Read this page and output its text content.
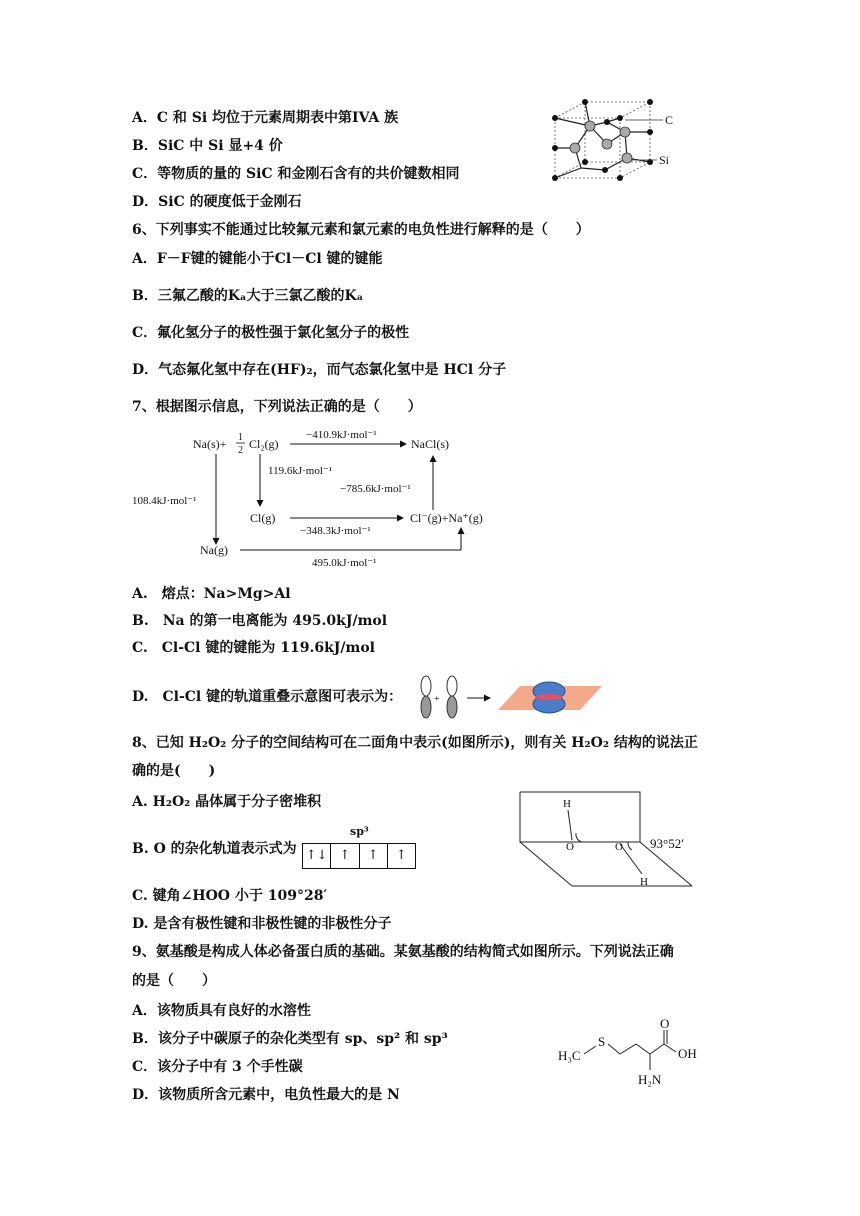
A．C 和 Si 均位于元素周期表中第IVA 族
B．SiC 中 Si 显+4 价
C．等物质的量的 SiC 和金刚石含有的共价键数相同
D．SiC 的硬度低于金刚石
C
Si
6、下列事实不能通过比较氟元素和氯元素的电负性进行解释的是（　　）
A．F－F键的键能小于Cl－Cl 键的键能
B．三氟乙酸的Kₐ大于三氯乙酸的Kₐ
C．氟化氢分子的极性强于氯化氢分子的极性
D．气态氟化氢中存在(HF)₂，而气态氯化氢中是 HCl 分子
7、根据图示信息，下列说法正确的是（　　）
Na(s)+ 1
2 Cl₂(g)
−410.9kJ·mol⁻¹
NaCl(s)
108.4kJ·mol⁻¹
119.6kJ·mol⁻¹
Cl(g)
−348.3kJ·mol⁻¹
Cl⁻(g)+Na⁺(g)
−785.6kJ·mol⁻¹
Na(g)
495.0kJ·mol⁻¹
A.　熔点：Na>Mg>Al
B.　Na 的第一电离能为 495.0kJ/mol
C.　Cl-Cl 键的键能为 119.6kJ/mol
D.　Cl-Cl 键的轨道重叠示意图可表示为：	+
8、已知 H₂O₂ 分子的空间结构可在二面角中表示(如图所示)，则有关 H₂O₂ 结构的说法正
确的是(　　)
A. H₂O₂ 晶体属于分子密堆积
B. O 的杂化轨道表示式为
sp³
↑↓ ↑	↑	↑
C. 键角∠HOO 小于 109°28′
D. 是含有极性键和非极性键的非极性分子
H
O	O
H
93°52′
9、氨基酸是构成人体必备蛋白质的基础。某氨基酸的结构简式如图所示。下列说法正确
的是（　　）
A．该物质具有良好的水溶性
B．该分子中碳原子的杂化类型有 sp、sp² 和 sp³
C．该分子中有 3 个手性碳
D．该物质所含元素中，电负性最大的是 N
H₃C
S
O
OH
H₂N
